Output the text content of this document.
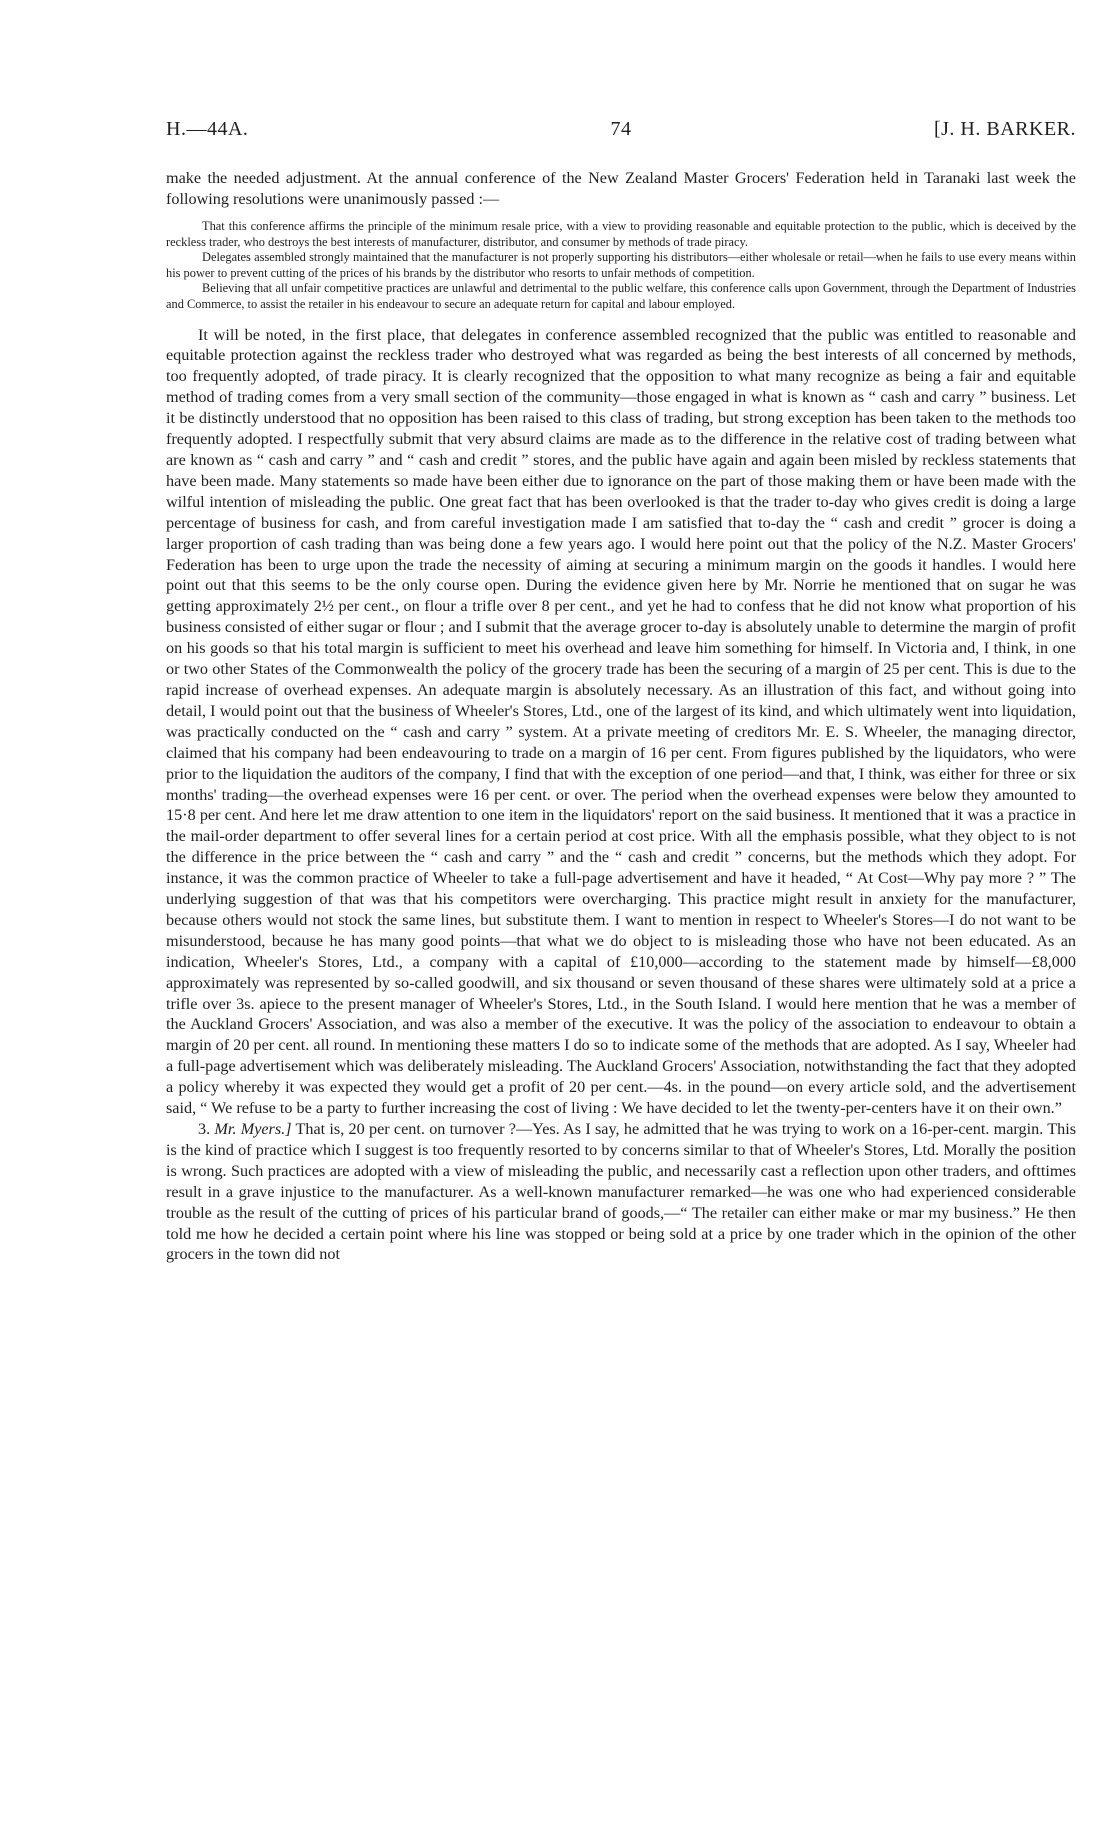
H.—44A.	74	[J. H. BARKER.

make the needed adjustment. At the annual conference of the New Zealand Master Grocers' Federation held in Taranaki last week the following resolutions were unanimously passed :—

That this conference affirms the principle of the minimum resale price, with a view to providing reasonable and equitable protection to the public, which is deceived by the reckless trader, who destroys the best interests of manufacturer, distributor, and consumer by methods of trade piracy.

Delegates assembled strongly maintained that the manufacturer is not properly supporting his distributors—either wholesale or retail—when he fails to use every means within his power to prevent cutting of the prices of his brands by the distributor who resorts to unfair methods of competition.

Believing that all unfair competitive practices are unlawful and detrimental to the public welfare, this conference calls upon Government, through the Department of Industries and Commerce, to assist the retailer in his endeavour to secure an adequate return for capital and labour employed.

It will be noted, in the first place, that delegates in conference assembled recognized that the public was entitled to reasonable and equitable protection against the reckless trader who destroyed what was regarded as being the best interests of all concerned by methods, too frequently adopted, of trade piracy. It is clearly recognized that the opposition to what many recognize as being a fair and equitable method of trading comes from a very small section of the community—those engaged in what is known as “ cash and carry ” business. Let it be distinctly understood that no opposition has been raised to this class of trading, but strong exception has been taken to the methods too frequently adopted. I respectfully submit that very absurd claims are made as to the difference in the relative cost of trading between what are known as “ cash and carry ” and “ cash and credit ” stores, and the public have again and again been misled by reckless statements that have been made. Many statements so made have been either due to ignorance on the part of those making them or have been made with the wilful intention of misleading the public. One great fact that has been overlooked is that the trader to-day who gives credit is doing a large percentage of business for cash, and from careful investigation made I am satisfied that to-day the “ cash and credit ” grocer is doing a larger proportion of cash trading than was being done a few years ago. I would here point out that the policy of the N.Z. Master Grocers' Federation has been to urge upon the trade the necessity of aiming at securing a minimum margin on the goods it handles. I would here point out that this seems to be the only course open. During the evidence given here by Mr. Norrie he mentioned that on sugar he was getting approximately 2½ per cent., on flour a trifle over 8 per cent., and yet he had to confess that he did not know what proportion of his business consisted of either sugar or flour ; and I submit that the average grocer to-day is absolutely unable to determine the margin of profit on his goods so that his total margin is sufficient to meet his overhead and leave him something for himself. In Victoria and, I think, in one or two other States of the Commonwealth the policy of the grocery trade has been the securing of a margin of 25 per cent. This is due to the rapid increase of overhead expenses. An adequate margin is absolutely necessary. As an illustration of this fact, and without going into detail, I would point out that the business of Wheeler's Stores, Ltd., one of the largest of its kind, and which ultimately went into liquidation, was practically conducted on the “ cash and carry ” system. At a private meeting of creditors Mr. E. S. Wheeler, the managing director, claimed that his company had been endeavouring to trade on a margin of 16 per cent. From figures published by the liquidators, who were prior to the liquidation the auditors of the company, I find that with the exception of one period—and that, I think, was either for three or six months' trading—the overhead expenses were 16 per cent. or over. The period when the overhead expenses were below they amounted to 15·8 per cent. And here let me draw attention to one item in the liquidators' report on the said business. It mentioned that it was a practice in the mail-order department to offer several lines for a certain period at cost price. With all the emphasis possible, what they object to is not the difference in the price between the “ cash and carry ” and the “ cash and credit ” concerns, but the methods which they adopt. For instance, it was the common practice of Wheeler to take a full-page advertisement and have it headed, “ At Cost—Why pay more ? ” The underlying suggestion of that was that his competitors were overcharging. This practice might result in anxiety for the manufacturer, because others would not stock the same lines, but substitute them. I want to mention in respect to Wheeler's Stores—I do not want to be misunderstood, because he has many good points—that what we do object to is misleading those who have not been educated. As an indication, Wheeler's Stores, Ltd., a company with a capital of £10,000—according to the statement made by himself—£8,000 approximately was represented by so-called goodwill, and six thousand or seven thousand of these shares were ultimately sold at a price a trifle over 3s. apiece to the present manager of Wheeler's Stores, Ltd., in the South Island. I would here mention that he was a member of the Auckland Grocers' Association, and was also a member of the executive. It was the policy of the association to endeavour to obtain a margin of 20 per cent. all round. In mentioning these matters I do so to indicate some of the methods that are adopted. As I say, Wheeler had a full-page advertisement which was deliberately misleading. The Auckland Grocers' Association, notwithstanding the fact that they adopted a policy whereby it was expected they would get a profit of 20 per cent.—4s. in the pound—on every article sold, and the advertisement said, “ We refuse to be a party to further increasing the cost of living : We have decided to let the twenty-per-centers have it on their own.”

3. Mr. Myers.] That is, 20 per cent. on turnover ?—Yes. As I say, he admitted that he was trying to work on a 16-per-cent. margin. This is the kind of practice which I suggest is too frequently resorted to by concerns similar to that of Wheeler's Stores, Ltd. Morally the position is wrong. Such practices are adopted with a view of misleading the public, and necessarily cast a reflection upon other traders, and ofttimes result in a grave injustice to the manufacturer. As a well-known manufacturer remarked—he was one who had experienced considerable trouble as the result of the cutting of prices of his particular brand of goods,—“ The retailer can either make or mar my business.” He then told me how he decided a certain point where his line was stopped or being sold at a price by one trader which in the opinion of the other grocers in the town did not
